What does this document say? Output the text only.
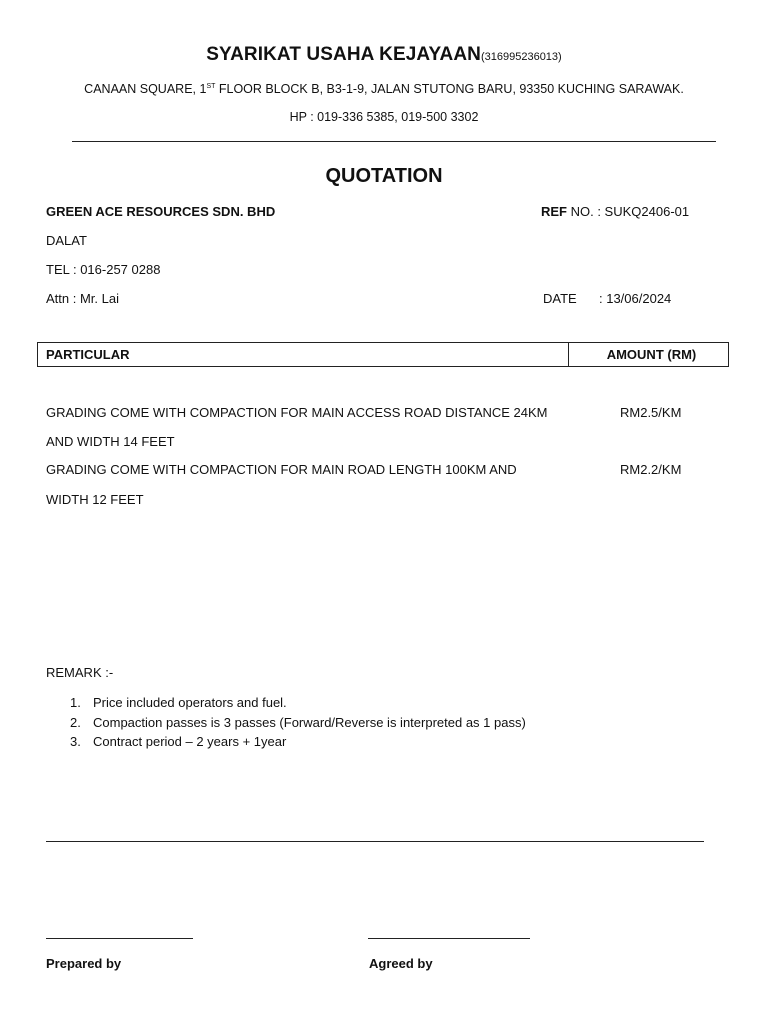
SYARIKAT USAHA KEJAYAAN(316995236013)
CANAAN SQUARE, 1ST FLOOR BLOCK B, B3-1-9, JALAN STUTONG BARU, 93350 KUCHING SARAWAK.
HP : 019-336 5385, 019-500 3302
QUOTATION
GREEN ACE RESOURCES SDN. BHD	REF NO. : SUKQ2406-01
DALAT
TEL : 016-257 0288
Attn : Mr. Lai	DATE : 13/06/2024
PARTICULAR	AMOUNT (RM)
GRADING COME WITH COMPACTION FOR MAIN ACCESS ROAD DISTANCE 24KM	RM2.5/KM
AND WIDTH 14 FEET
GRADING COME WITH COMPACTION FOR MAIN ROAD LENGTH 100KM AND	RM2.2/KM
WIDTH 12 FEET
REMARK :-
1. Price included operators and fuel.
2. Compaction passes is 3 passes (Forward/Reverse is interpreted as 1 pass)
3. Contract period – 2 years + 1year
Prepared by	Agreed by
